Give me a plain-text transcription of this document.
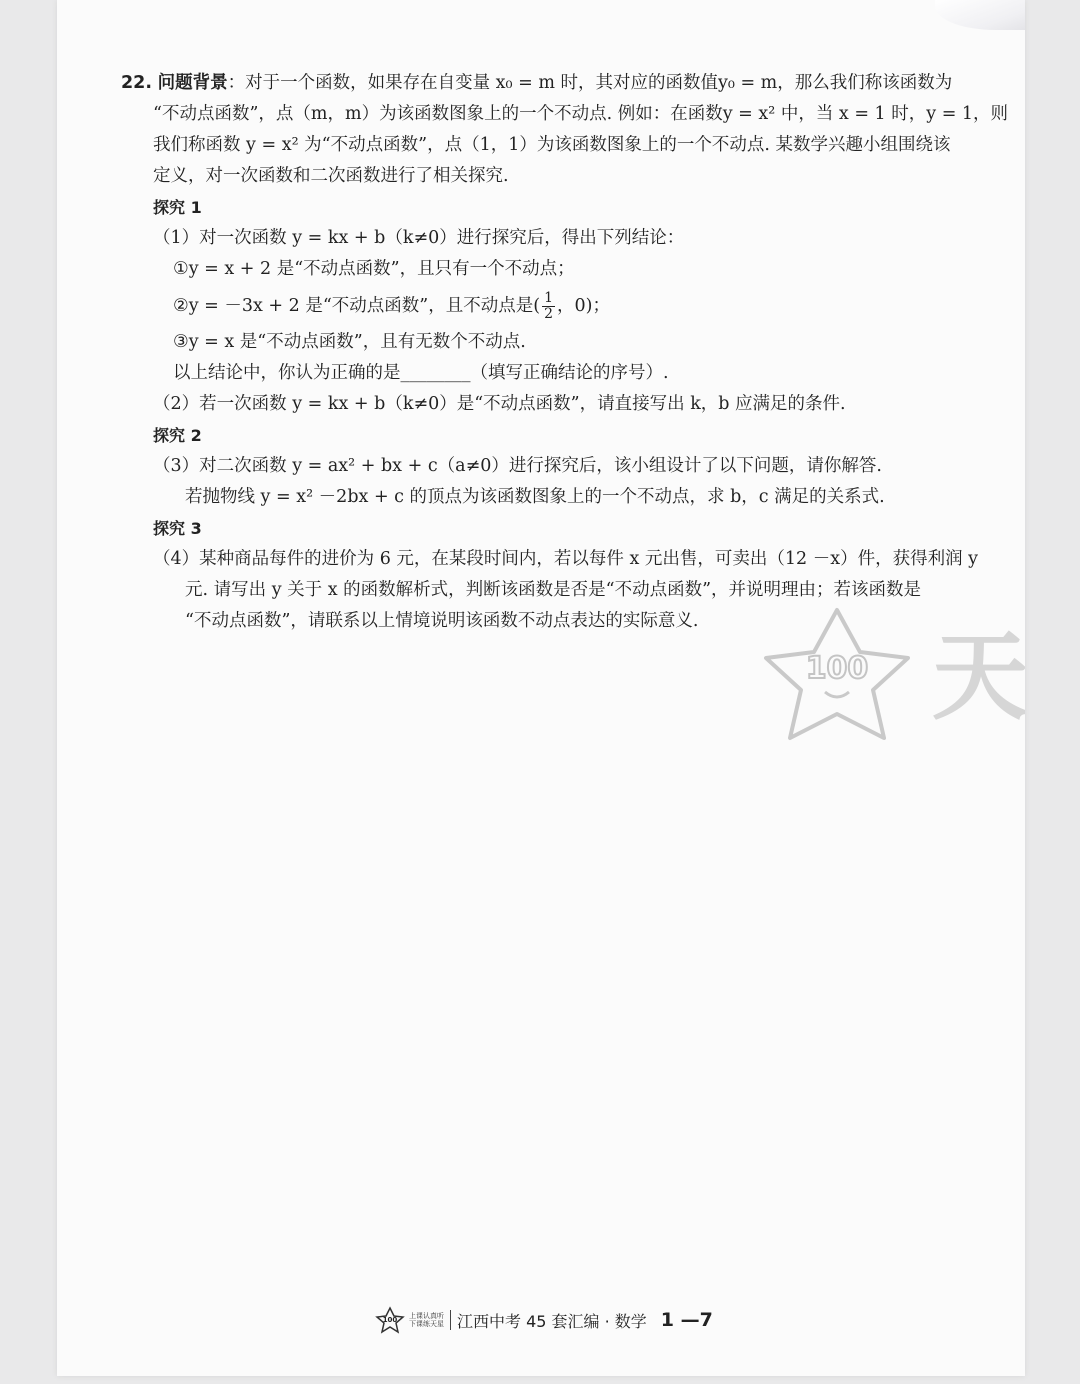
22. 问题背景：对于一个函数，如果存在自变量 x₀ = m 时，其对应的函数值y₀ = m，那么我们称该函数为
“不动点函数”，点（m，m）为该函数图象上的一个不动点. 例如：在函数y = x² 中，当 x = 1 时，y = 1，则
我们称函数 y = x² 为“不动点函数”，点（1，1）为该函数图象上的一个不动点. 某数学兴趣小组围绕该
定义，对一次函数和二次函数进行了相关探究.
探究 1
（1）对一次函数 y = kx + b（k≠0）进行探究后，得出下列结论：
①y = x + 2 是“不动点函数”，且只有一个不动点；
②y = －3x + 2 是“不动点函数”，且不动点是( $\frac{1}{2}$ ，0)；
③y = x 是“不动点函数”，且有无数个不动点.
以上结论中，你认为正确的是________（填写正确结论的序号）.
（2）若一次函数 y = kx + b（k≠0）是“不动点函数”，请直接写出 k，b 应满足的条件.
探究 2
（3）对二次函数 y = ax² + bx + c（a≠0）进行探究后，该小组设计了以下问题，请你解答.
若抛物线 y = x² －2bx + c 的顶点为该函数图象上的一个不动点，求 b，c 满足的关系式.
探究 3
（4）某种商品每件的进价为 6 元，在某段时间内，若以每件 x 元出售，可卖出（12 －x）件，获得利润 y
元. 请写出 y 关于 x 的函数解析式，判断该函数是否是“不动点函数”，并说明理由；若该函数是
“不动点函数”，请联系以上情境说明该函数不动点表达的实际意义.
100 天
100 上课认真听
下课练天星 江西中考 45 套汇编 · 数学 1 —7
